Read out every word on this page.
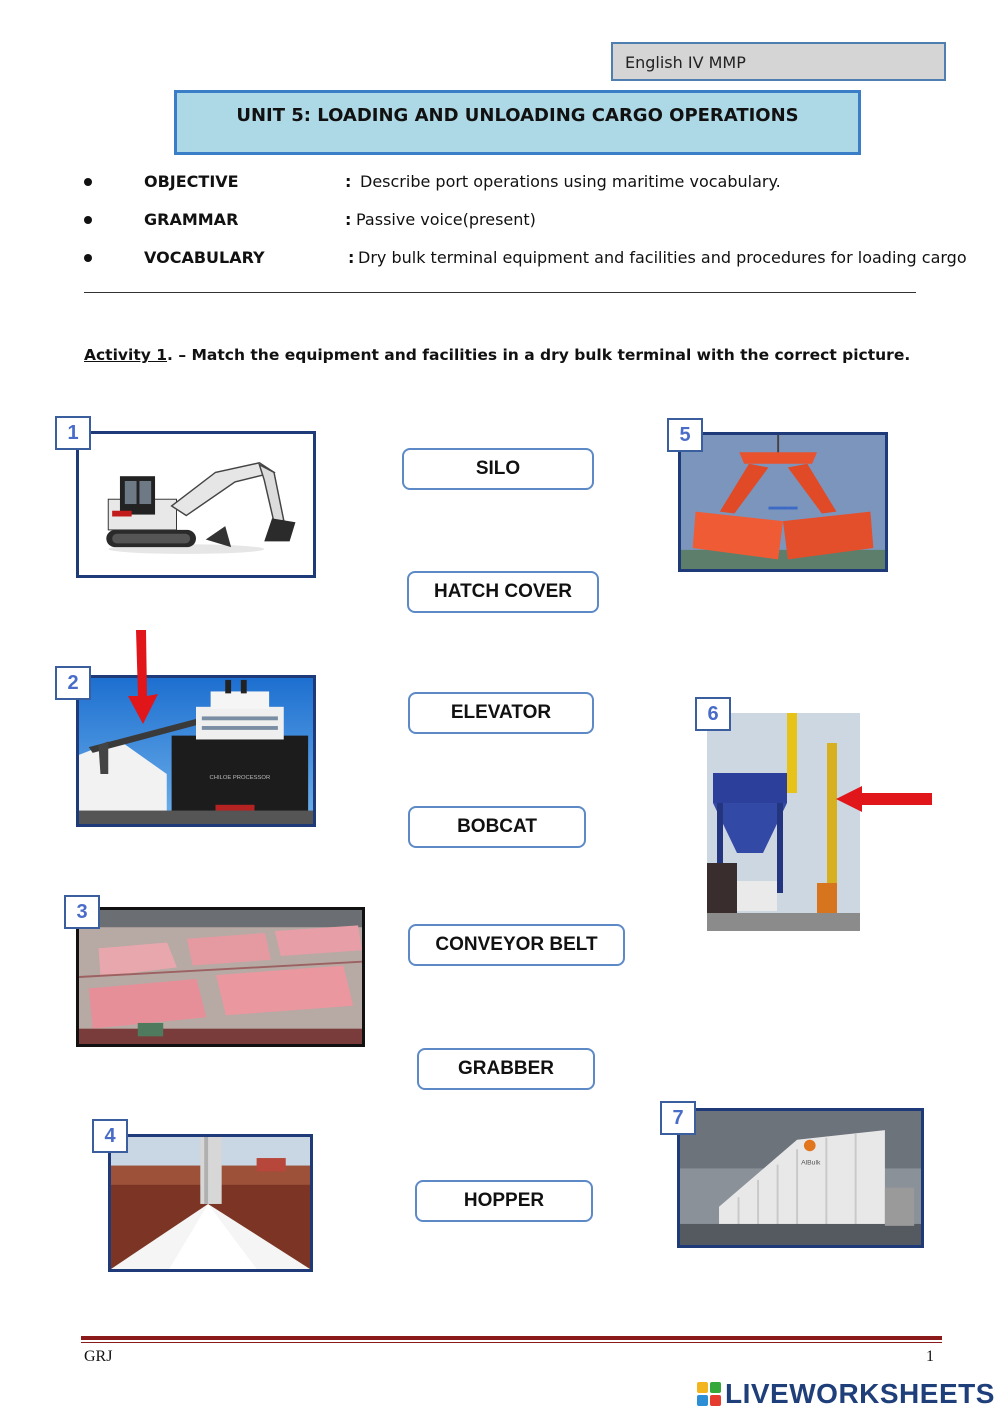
English IV MMP
UNIT 5: LOADING AND UNLOADING CARGO OPERATIONS
OBJECTIVE	: Describe port operations using maritime vocabulary.
GRAMMAR	: Passive voice(present)
VOCABULARY	: Dry bulk terminal equipment and facilities and procedures for loading cargo
Activity 1. – Match the equipment and facilities in a dry bulk terminal with the correct picture.
1
2
CHILOE PROCESSOR
3
4
5
▬▬▬
6
7
AlBulk
SILO
HATCH COVER
ELEVATOR
BOBCAT
CONVEYOR BELT
GRABBER
HOPPER
GRJ	1
LIVEWORKSHEETS
